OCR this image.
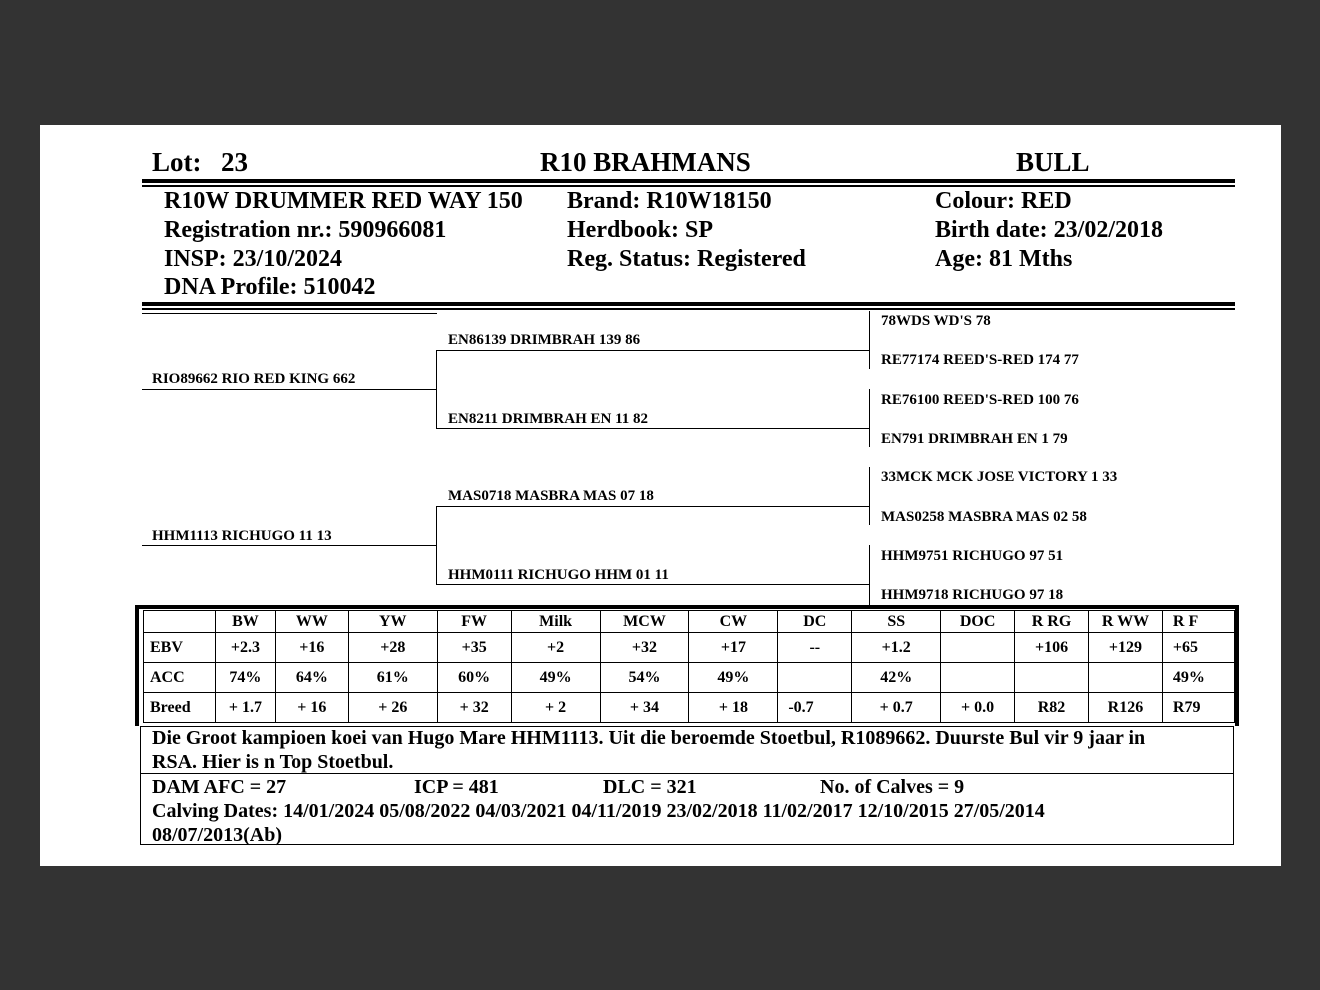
Lot: 23	R10 BRAHMANS	BULL
R10W DRUMMER RED WAY 150
Registration nr.: 590966081
INSP: 23/10/2024
DNA Profile: 510042
Brand: R10W18150
Herdbook: SP
Reg. Status: Registered
Colour: RED
Birth date: 23/02/2018
Age: 81 Mths
RIO89662 RIO RED KING 662
HHM1113 RICHUGO 11 13
EN86139 DRIMBRAH 139 86
EN8211 DRIMBRAH EN 11 82
MAS0718 MASBRA MAS 07 18
HHM0111 RICHUGO HHM 01 11
78WDS WD'S 78
RE77174 REED'S-RED 174 77
RE76100 REED'S-RED 100 76
EN791 DRIMBRAH EN 1 79
33MCK MCK JOSE VICTORY 1 33
MAS0258 MASBRA MAS 02 58
HHM9751 RICHUGO 97 51
HHM9718 RICHUGO 97 18
	BW	WW	YW	FW	Milk	MCW	CW	DC	SS	DOC	R RG	R WW	R F
EBV	+2.3	+16	+28	+35	+2	+32	+17	--	+1.2		+106	+129	+65
ACC	74%	64%	61%	60%	49%	54%	49%		42%				49%
Breed	+ 1.7	+ 16	+ 26	+ 32	+ 2	+ 34	+ 18	-0.7	+ 0.7	+ 0.0	R82	R126	R79
Die Groot kampioen koei van Hugo Mare HHM1113. Uit die beroemde Stoetbul, R1089662. Duurste Bul vir 9 jaar in
RSA. Hier is n Top Stoetbul.
DAM AFC = 27	ICP = 481	DLC = 321	No. of Calves = 9
Calving Dates: 14/01/2024 05/08/2022 04/03/2021 04/11/2019 23/02/2018 11/02/2017 12/10/2015 27/05/2014
08/07/2013(Ab)
